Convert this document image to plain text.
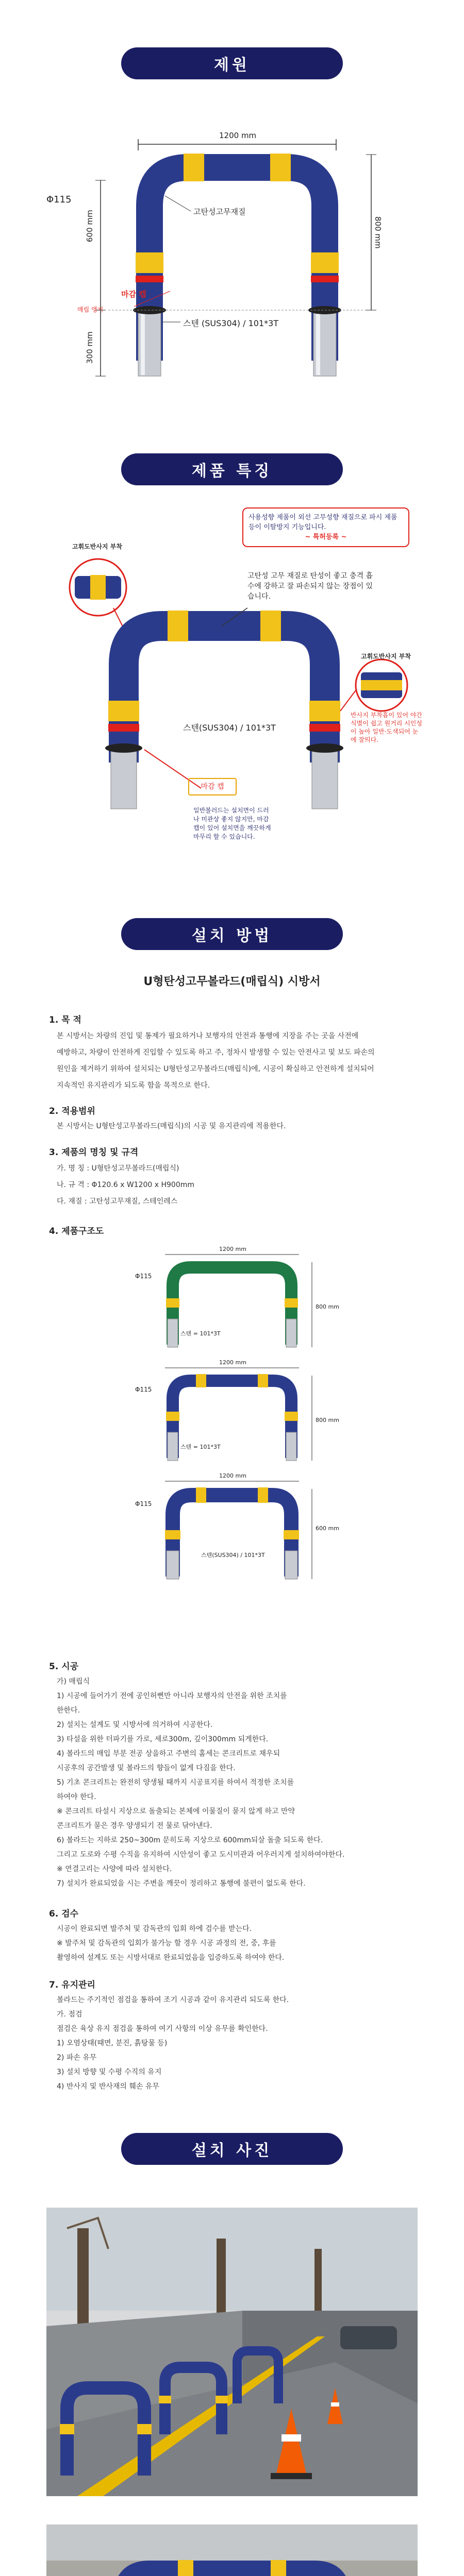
제원
1200 mm
Φ115
600 mm
300 mm
800 mm
고탄성고무재질
스텐 (SUS304) / 101*3T
마감 캡
매립 앵커
제품 특징
사용성향 제품이 외선 고무성향 재질으로 파시 제품등이 이탈방지 기능입니다.
~ 특허등록 ~
고휘도반사지 부착
고탄성 고무 재질로 탄성이 좋고 충격 흡수에 강하고 잘 파손되지 않는 장점이 있습니다.
고휘도반사지 부착
반사지 부착흡이 있어 야간 식별이 쉽고 원거리 시인성이 높아 일반·도색되어 눈에 잘띄다.
스텐(SUS304) / 101*3T
마감 캡
일반볼러드는 설치면이 드러나 미관상 좋지 않지만, 마감캡이 있어 설치면을 깨끗하게 마무리 할 수 있습니다.
설치 방법
U형탄성고무볼라드(매립식) 시방서
1. 목 적
본 시방서는 차량의 진입 및 통제가 필요하거나 보행자의 안전과 통행에 지장을 주는 곳을 사전에
예방하고, 차량이 안전하게 진입할 수 있도록 하고 주, 정차시 발생할 수 있는 안전사고 및 보도 파손의
원인을 제거하기 위하여 설치되는 U형탄성고무볼라드(매립식)에, 시공이 확실하고 안전하게 설치되어
지속적인 유지관리가 되도록 함을 목적으로 한다.
2. 적용범위
본 시방서는 U형탄성고무볼라드(매립식)의 시공 및 유지관리에 적용한다.
3. 제품의 명칭 및 규격
가. 명 칭 : U형탄성고무볼라드(매립식)
나. 규 격 : Φ120.6 x W1200 x H900mm
다. 재질 : 고탄성고무재질, 스테인레스
4. 제품구조도
1200 mm
Φ115
800 mm
스텐 = 101*3T
1200 mm
Φ115
800 mm
스텐 = 101*3T
1200 mm
Φ115
600 mm
스텐(SUS304) / 101*3T
5. 시공
가) 매립식
1) 시공에 들어가기 전에 공인허뻔만 아니라 보행자의 안전을 위한 조치를
한한다.
2) 설치는 설계도 및 시방서에 의거하여 시공한다.
3) 타설을 위한 터파기를 가로, 세로300m, 깊이300mm 되게한다.
4) 볼라드의 매입 부분 전공 상을하고 주변의 홈세는 콘크리트로 채우되
시공후의 공간발생 및 볼라드의 향들이 없게 다짐을 한다.
5) 기초 콘크리트는 완전히 양생될 때까지 시공표지를 하여서 적정한 조치를
하여야 한다.
※ 콘크리트 타설시 지상으로 돌출되는 본체에 이물질이 묻지 않게 하고 만약
콘크리트가 묻은 경우 양생되기 전 물로 닦아낸다.
6) 볼라드는 지하로 250~300m 문히도록 지상으로 600mm되살 돌출 되도록 한다.
그리고 도로와 수평 수직을 유지하여 시안성이 좋고 도시미관과 어우러지게 설치하여야한다.
※ 연결고리는 사양에 따라 설치한다.
7) 설치가 완료되었을 시는 주변을 깨끗이 정리하고 통행에 불편이 없도록 한다.
6. 검수
시공이 완료되면 발주처 및 감독관의 입회 하에 검수를 받는다.
※ 발주처 및 감독관의 입회가 불가능 할 경우 시공 과정의 전, 중, 후를
촬영하여 설계도 또는 시방서대로 완료되었음을 입증하도록 하여야 한다.
7. 유지관리
볼라드는 주기적인 점검을 통하여 조기 시공과 같이 유지관리 되도록 한다.
가. 점검
점검은 육상 유지 점검을 통하여 여기 사항의 이상 유무를 확인한다.
1) 오염상태(때면, 분진, 흙탕물 등)
2) 파손 유무
3) 설치 방향 및 수평 수직의 유지
4) 반사지 및 반사재의 훼손 유무
설치 사진
